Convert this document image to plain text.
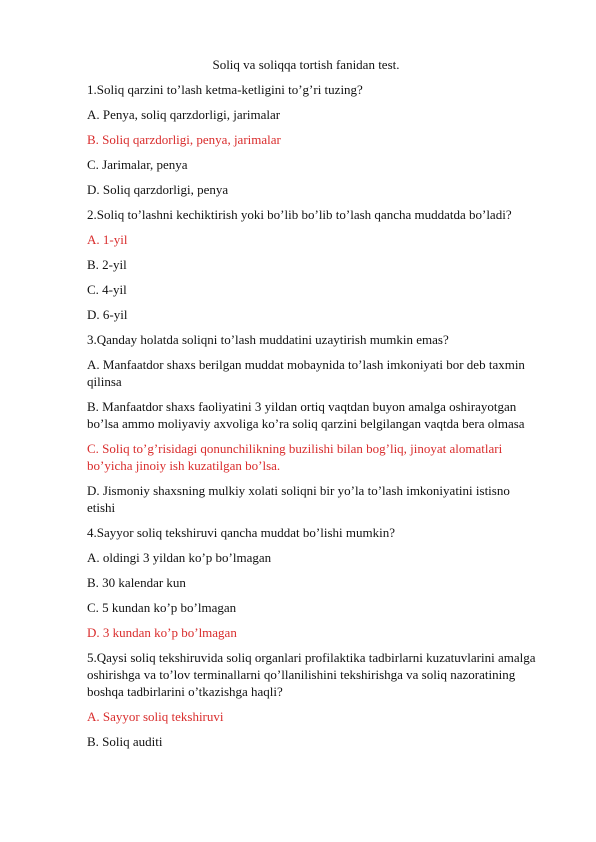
Soliq va soliqqa tortish fanidan test.
1.Soliq qarzini to’lash ketma-ketligini to’g’ri tuzing?
A. Penya, soliq qarzdorligi, jarimalar
B. Soliq qarzdorligi, penya, jarimalar
C. Jarimalar, penya
D. Soliq qarzdorligi, penya
2.Soliq to’lashni kechiktirish yoki bo’lib bo’lib to’lash qancha muddatda bo’ladi?
A. 1-yil
B. 2-yil
C. 4-yil
D. 6-yil
3.Qanday holatda soliqni to’lash muddatini uzaytirish mumkin emas?
A. Manfaatdor shaxs berilgan muddat mobaynida to’lash imkoniyati bor deb taxmin qilinsa
B. Manfaatdor shaxs faoliyatini 3 yildan ortiq vaqtdan buyon amalga oshirayotgan bo’lsa ammo moliyaviy axvoliga ko’ra soliq qarzini belgilangan vaqtda bera olmasa
C. Soliq to’g’risidagi qonunchilikning buzilishi bilan bog’liq, jinoyat alomatlari bo’yicha jinoiy ish kuzatilgan bo’lsa.
D. Jismoniy shaxsning mulkiy xolati soliqni bir yo’la to’lash imkoniyatini istisno etishi
4.Sayyor soliq tekshiruvi qancha muddat bo’lishi mumkin?
A. oldingi 3 yildan ko’p bo’lmagan
B. 30 kalendar kun
C. 5 kundan ko’p bo’lmagan
D. 3 kundan ko’p bo’lmagan
5.Qaysi soliq tekshiruvida soliq organlari profilaktika tadbirlarni kuzatuvlarini amalga oshirishga va to’lov terminallarni qo’llanilishini tekshirishga va soliq nazoratining boshqa tadbirlarini o’tkazishga haqli?
A. Sayyor soliq tekshiruvi
B. Soliq auditi
